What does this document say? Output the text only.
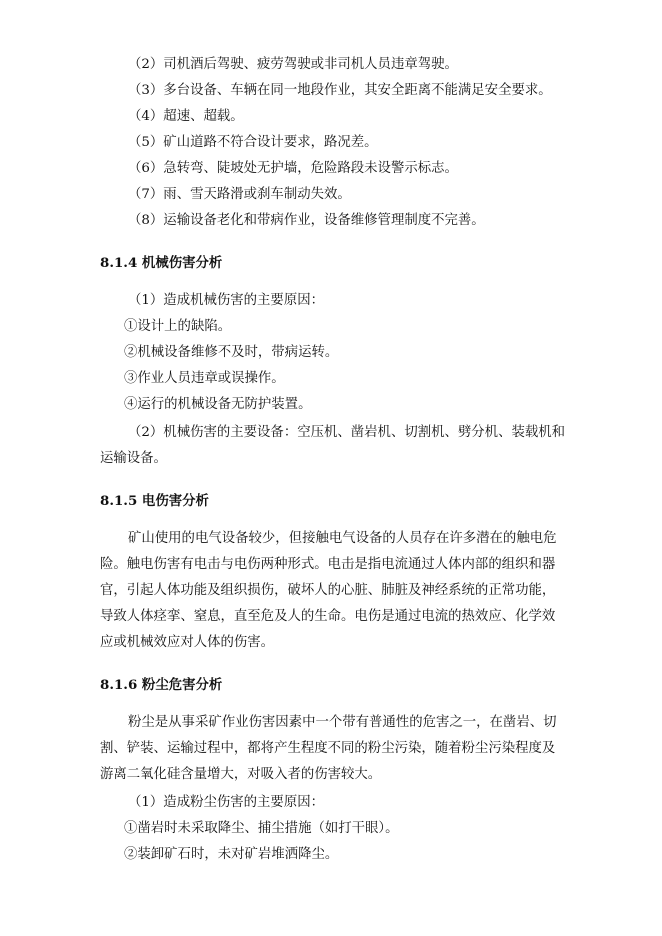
（2）司机酒后驾驶、疲劳驾驶或非司机人员违章驾驶。
（3）多台设备、车辆在同一地段作业，其安全距离不能满足安全要求。
（4）超速、超载。
（5）矿山道路不符合设计要求，路况差。
（6）急转弯、陡坡处无护墙，危险路段未设警示标志。
（7）雨、雪天路滑或刹车制动失效。
（8）运输设备老化和带病作业，设备维修管理制度不完善。
8.1.4 机械伤害分析
（1）造成机械伤害的主要原因：
①设计上的缺陷。
②机械设备维修不及时，带病运转。
③作业人员违章或误操作。
④运行的机械设备无防护装置。
（2）机械伤害的主要设备：空压机、凿岩机、切割机、劈分机、装载机和
运输设备。
8.1.5 电伤害分析
矿山使用的电气设备较少，但接触电气设备的人员存在许多潜在的触电危
险。触电伤害有电击与电伤两种形式。电击是指电流通过人体内部的组织和器
官，引起人体功能及组织损伤，破坏人的心脏、肺脏及神经系统的正常功能，
导致人体痉挛、窒息，直至危及人的生命。电伤是通过电流的热效应、化学效
应或机械效应对人体的伤害。
8.1.6 粉尘危害分析
粉尘是从事采矿作业伤害因素中一个带有普通性的危害之一，在凿岩、切
割、铲装、运输过程中，都将产生程度不同的粉尘污染，随着粉尘污染程度及
游离二氧化硅含量增大，对吸入者的伤害较大。
（1）造成粉尘伤害的主要原因：
①凿岩时未采取降尘、捕尘措施（如打干眼）。
②装卸矿石时，未对矿岩堆洒降尘。
